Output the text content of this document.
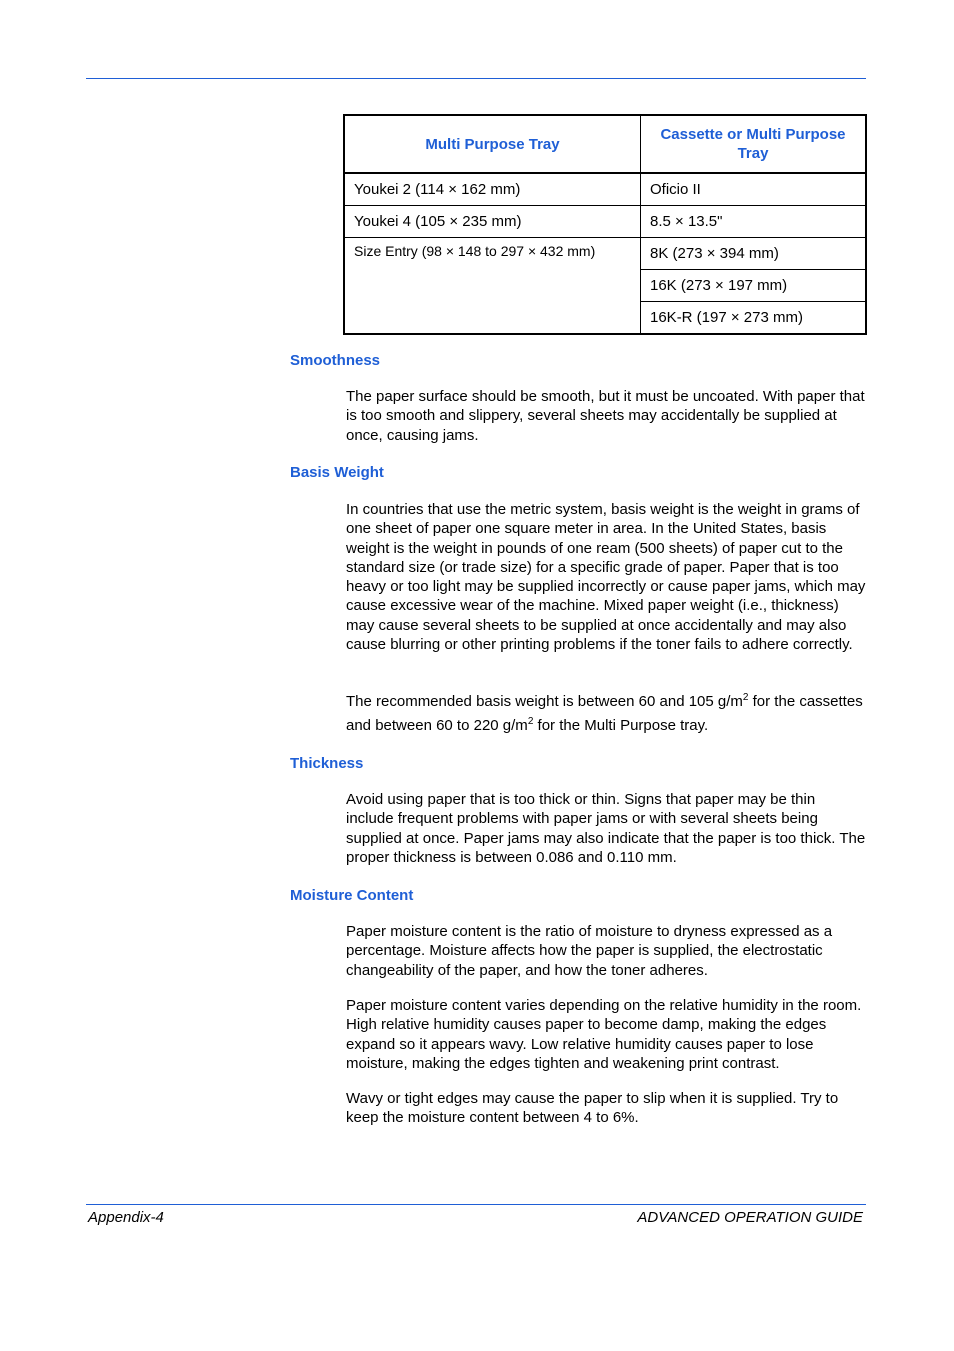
Multi Purpose Tray	Cassette or Multi Purpose Tray
Youkei 2 (114 × 162 mm)	Oficio II
Youkei 4 (105 × 235 mm)	8.5 × 13.5"
Size Entry (98 × 148 to 297 × 432 mm)	8K (273 × 394 mm)
	16K (273 × 197 mm)
	16K-R (197 × 273 mm)
Smoothness
The paper surface should be smooth, but it must be uncoated. With paper that is too smooth and slippery, several sheets may accidentally be supplied at once, causing jams.
Basis Weight
In countries that use the metric system, basis weight is the weight in grams of one sheet of paper one square meter in area. In the United States, basis weight is the weight in pounds of one ream (500 sheets) of paper cut to the standard size (or trade size) for a specific grade of paper. Paper that is too heavy or too light may be supplied incorrectly or cause paper jams, which may cause excessive wear of the machine. Mixed paper weight (i.e., thickness) may cause several sheets to be supplied at once accidentally and may also cause blurring or other printing problems if the toner fails to adhere correctly.
The recommended basis weight is between 60 and 105 $g/m^2$ for the cassettes and between 60 to 220 $g/m^2$ for the Multi Purpose tray.
Thickness
Avoid using paper that is too thick or thin. Signs that paper may be thin include frequent problems with paper jams or with several sheets being supplied at once. Paper jams may also indicate that the paper is too thick. The proper thickness is between 0.086 and 0.110 mm.
Moisture Content
Paper moisture content is the ratio of moisture to dryness expressed as a percentage. Moisture affects how the paper is supplied, the electrostatic changeability of the paper, and how the toner adheres.
Paper moisture content varies depending on the relative humidity in the room. High relative humidity causes paper to become damp, making the edges expand so it appears wavy. Low relative humidity causes paper to lose moisture, making the edges tighten and weakening print contrast.
Wavy or tight edges may cause the paper to slip when it is supplied. Try to keep the moisture content between 4 to 6%.
Appendix-4	ADVANCED OPERATION GUIDE
